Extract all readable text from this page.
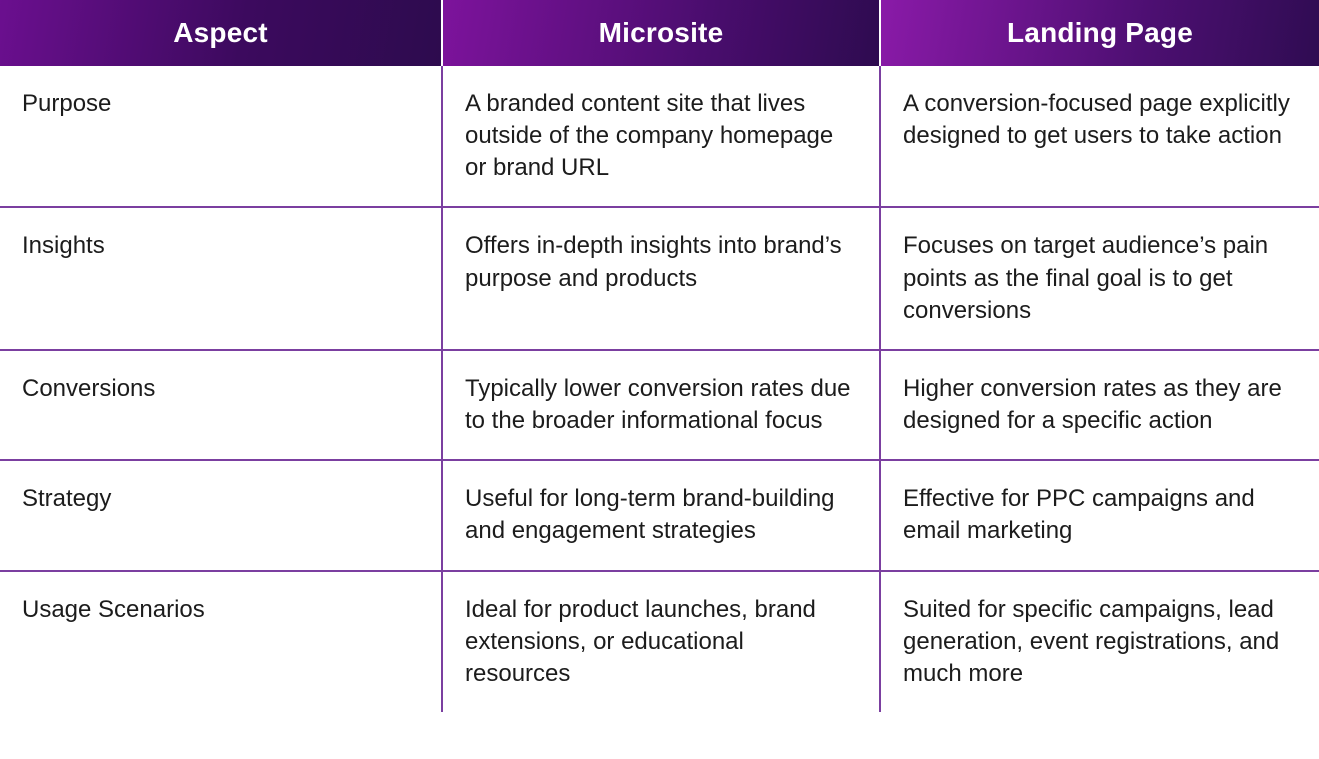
Aspect	Microsite	Landing Page
Purpose	A branded content site that lives outside of the company homepage or brand URL	A conversion-focused page explicitly designed to get users to take action
Insights	Offers in-depth insights into brand’s purpose and products	Focuses on target audience’s pain points as the final goal is to get conversions
Conversions	Typically lower conversion rates due to the broader informational focus	Higher conversion rates as they are designed for a specific action
Strategy	Useful for long-term brand-building and engagement strategies	Effective for PPC campaigns and email marketing
Usage Scenarios	Ideal for product launches, brand extensions, or educational resources	Suited for specific campaigns, lead generation, event registrations, and much more
